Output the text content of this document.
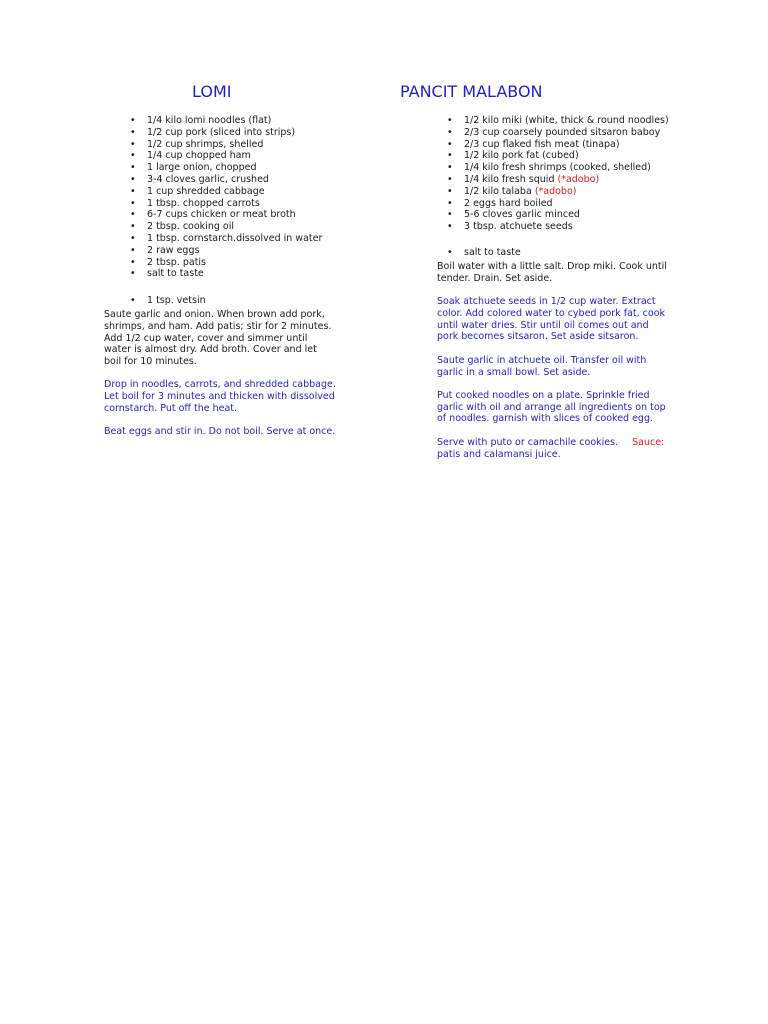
LOMI
• 1/4 kilo lomi noodles (flat)
• 1/2 cup pork (sliced into strips)
• 1/2 cup shrimps, shelled
• 1/4 cup chopped ham
• 1 large onion, chopped
• 3-4 cloves garlic, crushed
• 1 cup shredded cabbage
• 1 tbsp. chopped carrots
• 6-7 cups chicken or meat broth
• 2 tbsp. cooking oil
• 1 tbsp. cornstarch.dissolved in water
• 2 raw eggs
• 2 tbsp. patis
• salt to taste
• 1 tsp. vetsin

Saute garlic and onion. When brown add pork, shrimps, and ham. Add patis; stir for 2 minutes. Add 1/2 cup water, cover and simmer until water is almost dry. Add broth. Cover and let boil for 10 minutes.

Drop in noodles, carrots, and shredded cabbage. Let boil for 3 minutes and thicken with dissolved cornstarch. Put off the heat.

Beat eggs and stir in. Do not boil. Serve at once.

PANCIT MALABON
• 1/2 kilo miki (white, thick & round noodles)
• 2/3 cup coarsely pounded sitsaron baboy
• 2/3 cup flaked fish meat (tinapa)
• 1/2 kilo pork fat (cubed)
• 1/4 kilo fresh shrimps (cooked, shelled)
• 1/4 kilo fresh squid (*adobo)
• 1/2 kilo talaba (*adobo)
• 2 eggs hard boiled
• 5-6 cloves garlic minced
• 3 tbsp. atchuete seeds
• salt to taste

Boil water with a little salt. Drop miki. Cook until tender. Drain. Set aside.

Soak atchuete seeds in 1/2 cup water. Extract color. Add colored water to cybed pork fat, cook until water dries. Stir until oil comes out and pork becomes sitsaron. Set aside sitsaron.

Saute garlic in atchuete oil. Transfer oil with garlic in a small bowl. Set aside.

Put cooked noodles on a plate. Sprinkle fried garlic with oil and arrange all ingredients on top of noodles. garnish with slices of cooked egg.

Serve with puto or camachile cookies. Sauce: patis and calamansi juice.
